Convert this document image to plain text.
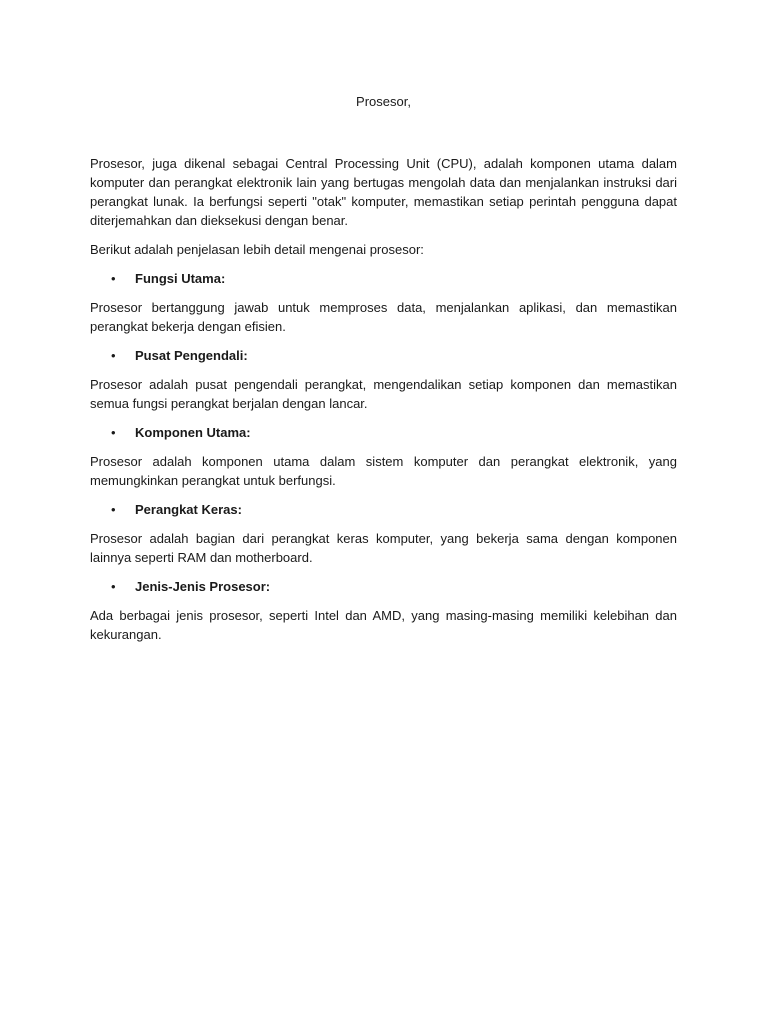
Prosesor,

Prosesor, juga dikenal sebagai Central Processing Unit (CPU), adalah komponen utama dalam komputer dan perangkat elektronik lain yang bertugas mengolah data dan menjalankan instruksi dari perangkat lunak. Ia berfungsi seperti "otak" komputer, memastikan setiap perintah pengguna dapat diterjemahkan dan dieksekusi dengan benar.

Berikut adalah penjelasan lebih detail mengenai prosesor:

•	Fungsi Utama:

Prosesor bertanggung jawab untuk memproses data, menjalankan aplikasi, dan memastikan perangkat bekerja dengan efisien.

•	Pusat Pengendali:

Prosesor adalah pusat pengendali perangkat, mengendalikan setiap komponen dan memastikan semua fungsi perangkat berjalan dengan lancar.

•	Komponen Utama:

Prosesor adalah komponen utama dalam sistem komputer dan perangkat elektronik, yang memungkinkan perangkat untuk berfungsi.

•	Perangkat Keras:

Prosesor adalah bagian dari perangkat keras komputer, yang bekerja sama dengan komponen lainnya seperti RAM dan motherboard.

•	Jenis-Jenis Prosesor:

Ada berbagai jenis prosesor, seperti Intel dan AMD, yang masing-masing memiliki kelebihan dan kekurangan.
